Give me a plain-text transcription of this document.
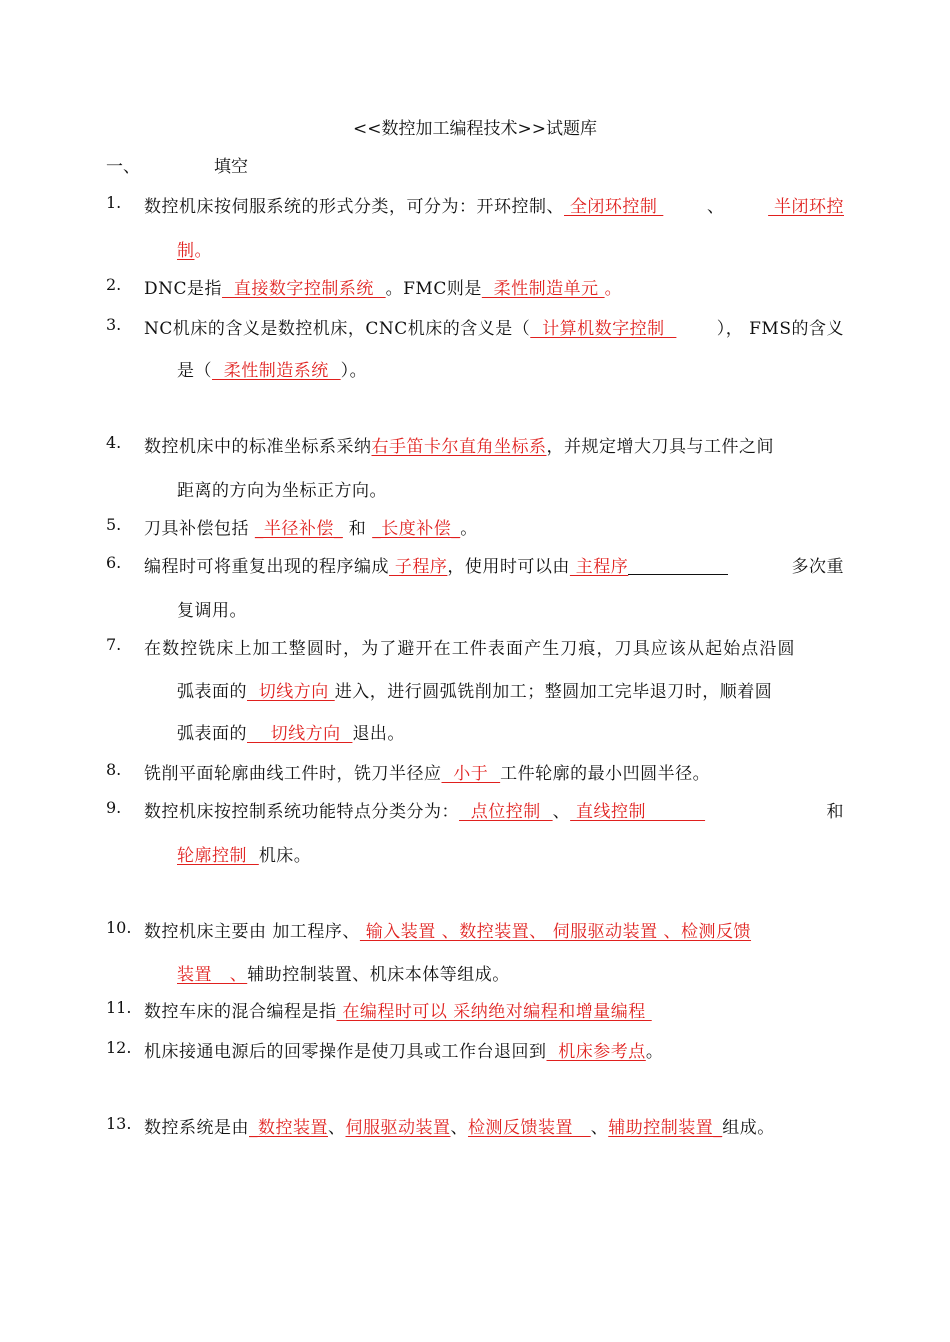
<<数控加工编程技术>>试题库
一、	填空
1. 数控机床按伺服系统的形式分类，可分为：开环控制、 全闭环控制	、	半闭环控
制。
2. DNC是指  直接数字控制系统  。FMC则是  柔性制造单元 。
3. NC机床的含义是数控机床，CNC机床的含义是（  计算机数字控制 ）， FMS的含义
是（  柔性制造系统  ）。
4. 数控机床中的标准坐标系采纳右手笛卡尔直角坐标系，并规定增大刀具与工件之间
距离的方向为坐标正方向。
5. 刀具补偿包括 _半径补偿_ 和 _长度补偿_。
6. 编程时可将重复出现的程序编成 子程序，使用时可以由 主程序	多次重
复调用。
7. 在数控铣床上加工整圆时，为了避开在工件表面产生刀痕，刀具应该从起始点沿圆
弧表面的  切线方向 进入，进行圆弧铣削加工；整圆加工完毕退刀时，顺着圆
弧表面的    切线方向  退出。
8. 铣削平面轮廓曲线工件时，铣刀半径应  小于  工件轮廓的最小凹圆半径。
9. 数控机床按控制系统功能特点分类分为：  点位控制  、 直线控制	和
轮廓控制  机床。
10. 数控机床主要由 加工程序、 输入装置 、数控装置、 伺服驱动装置 、检测反馈
装置   、辅助控制装置、机床本体等组成。
11. 数控车床的混合编程是指 在编程时可以 采纳绝对编程和增量编程
12. 机床接通电源后的回零操作是使刀具或工作台退回到  机床参考点。
13. 数控系统是由_数控装置、伺服驱动装置、检测反馈装置   、辅助控制装置_组成。
